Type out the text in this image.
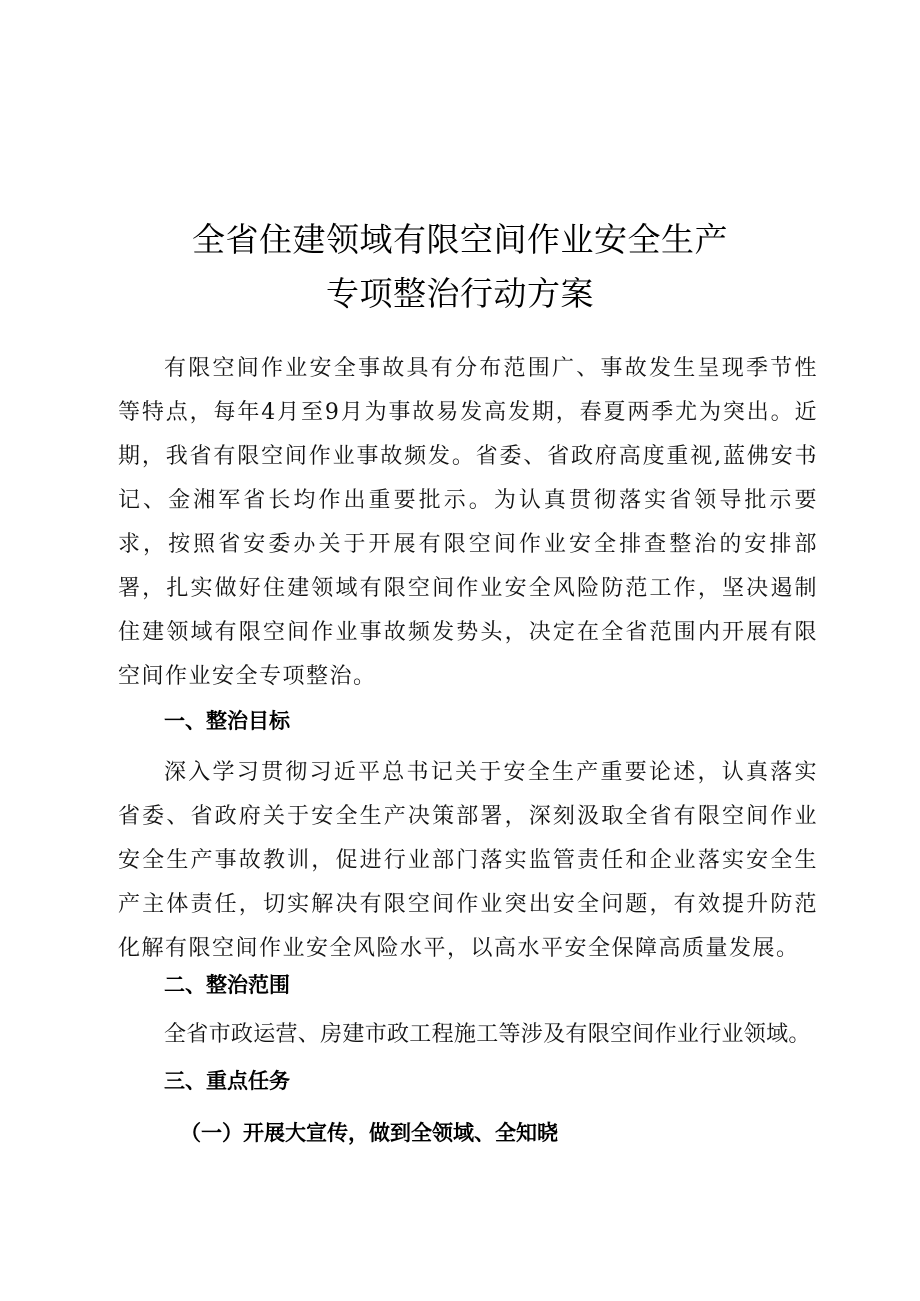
全省住建领域有限空间作业安全生产
专项整治行动方案

有限空间作业安全事故具有分布范围广、事故发生呈现季节性等特点，每年4月至9月为事故易发高发期，春夏两季尤为突出。近期，我省有限空间作业事故频发。省委、省政府高度重视,蓝佛安书记、金湘军省长均作出重要批示。为认真贯彻落实省领导批示要求，按照省安委办关于开展有限空间作业安全排查整治的安排部署，扎实做好住建领域有限空间作业安全风险防范工作，坚决遏制住建领域有限空间作业事故频发势头，决定在全省范围内开展有限空间作业安全专项整治。

一、整治目标

深入学习贯彻习近平总书记关于安全生产重要论述，认真落实省委、省政府关于安全生产决策部署，深刻汲取全省有限空间作业安全生产事故教训，促进行业部门落实监管责任和企业落实安全生产主体责任，切实解决有限空间作业突出安全问题，有效提升防范化解有限空间作业安全风险水平，以高水平安全保障高质量发展。

二、整治范围

全省市政运营、房建市政工程施工等涉及有限空间作业行业领域。

三、重点任务
（一）开展大宣传，做到全领域、全知晓
